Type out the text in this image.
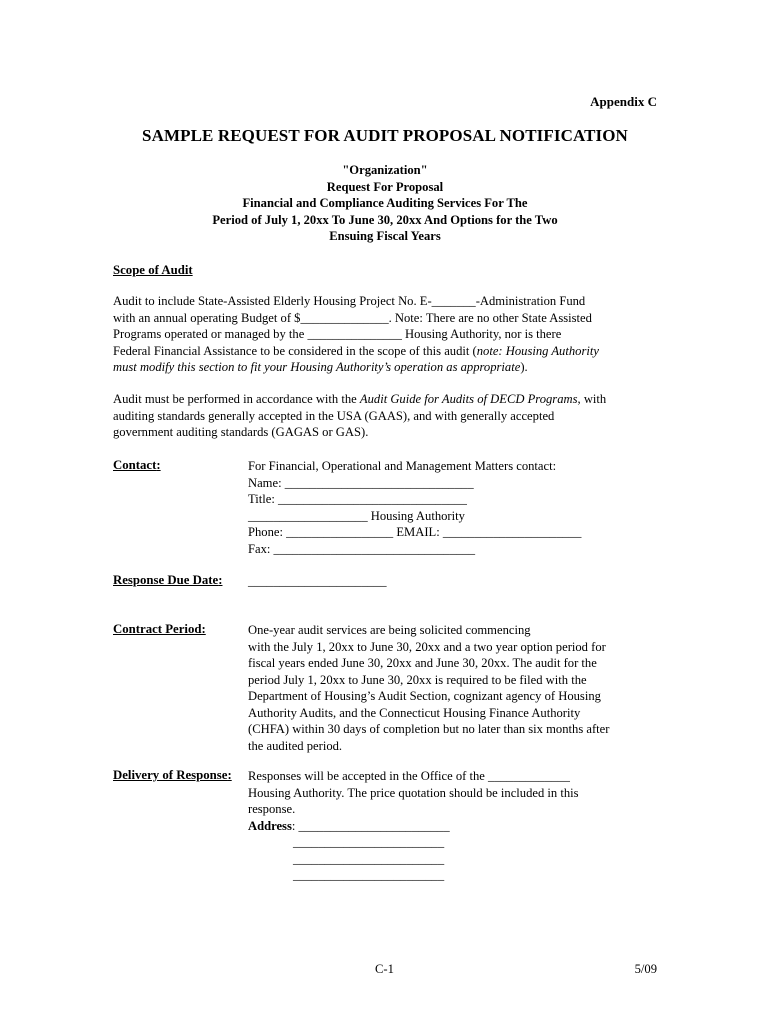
Appendix C
SAMPLE REQUEST FOR AUDIT PROPOSAL NOTIFICATION
"Organization"
Request For Proposal
Financial and Compliance Auditing Services For The
Period of July 1, 20xx To June 30, 20xx And Options for the Two
Ensuing Fiscal Years
Scope of Audit
Audit to include State-Assisted Elderly Housing Project No. E-_______-Administration Fund
with an annual operating Budget of $______________. Note: There are no other State Assisted
Programs operated or managed by the _______________ Housing Authority, nor is there
Federal Financial Assistance to be considered in the scope of this audit (note: Housing Authority
must modify this section to fit your Housing Authority’s operation as appropriate).
Audit must be performed in accordance with the Audit Guide for Audits of DECD Programs, with
auditing standards generally accepted in the USA (GAAS), and with generally accepted
government auditing standards (GAGAS or GAS).
Contact:	For Financial, Operational and Management Matters contact:
Name: ______________________________
Title: ______________________________
___________________ Housing Authority
Phone: _________________ EMAIL: ______________________
Fax: ________________________________
Response Due Date: ______________________
Contract Period:	One-year audit services are being solicited commencing
with the July 1, 20xx to June 30, 20xx and a two year option period for
fiscal years ended June 30, 20xx and June 30, 20xx. The audit for the
period July 1, 20xx to June 30, 20xx is required to be filed with the
Department of Housing’s Audit Section, cognizant agency of Housing
Authority Audits, and the Connecticut Housing Finance Authority
(CHFA) within 30 days of completion but no later than six months after
the audited period.
Delivery of Response: Responses will be accepted in the Office of the _____________
Housing Authority. The price quotation should be included in this
response.
Address: ________________________
________________________
________________________
________________________
C-1	5/09
